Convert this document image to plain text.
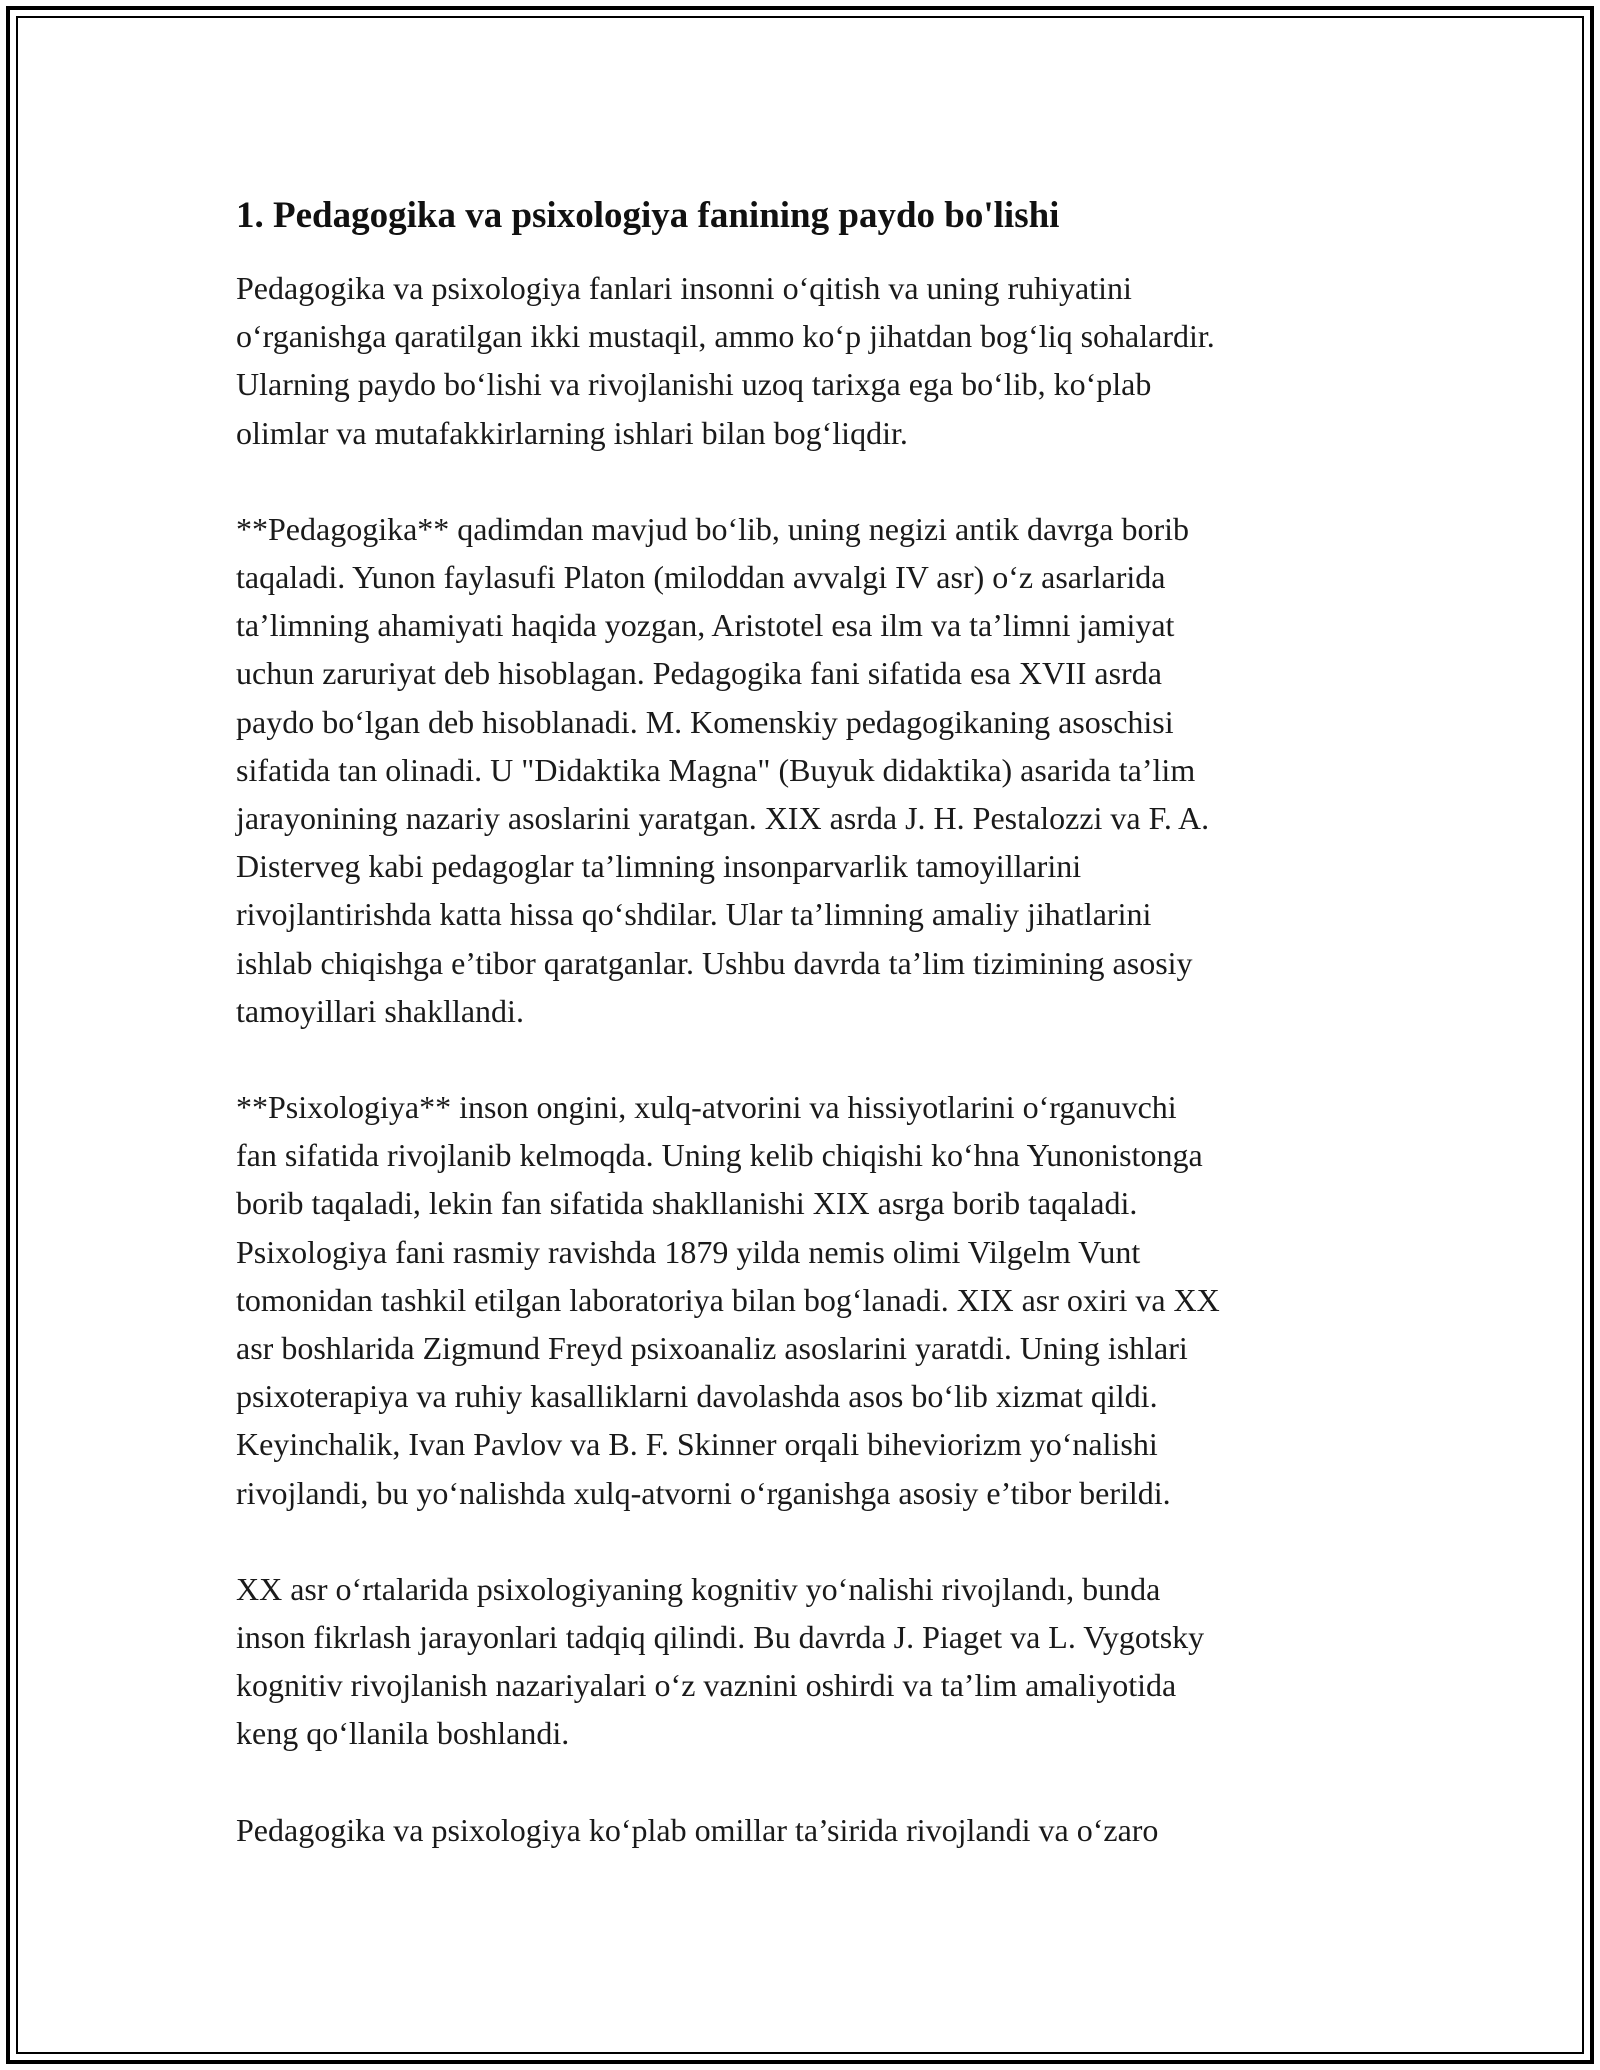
1. Pedagogika va psixologiya fanining paydo bo'lishi

Pedagogika va psixologiya fanlari insonni o‘qitish va uning ruhiyatini
o‘rganishga qaratilgan ikki mustaqil, ammo ko‘p jihatdan bog‘liq sohalardir.
Ularning paydo bo‘lishi va rivojlanishi uzoq tarixga ega bo‘lib, ko‘plab
olimlar va mutafakkirlarning ishlari bilan bog‘liqdir.

**Pedagogika** qadimdan mavjud bo‘lib, uning negizi antik davrga borib
taqaladi. Yunon faylasufi Platon (miloddan avvalgi IV asr) o‘z asarlarida
ta’limning ahamiyati haqida yozgan, Aristotel esa ilm va ta’limni jamiyat
uchun zaruriyat deb hisoblagan. Pedagogika fani sifatida esa XVII asrda
paydo bo‘lgan deb hisoblanadi. M. Komenskiy pedagogikaning asoschisi
sifatida tan olinadi. U "Didaktika Magna" (Buyuk didaktika) asarida ta’lim
jarayonining nazariy asoslarini yaratgan. XIX asrda J. H. Pestalozzi va F. A.
Disterveg kabi pedagoglar ta’limning insonparvarlik tamoyillarini
rivojlantirishda katta hissa qo‘shdilar. Ular ta’limning amaliy jihatlarini
ishlab chiqishga e’tibor qaratganlar. Ushbu davrda ta’lim tizimining asosiy
tamoyillari shakllandi.

**Psixologiya** inson ongini, xulq-atvorini va hissiyotlarini o‘rganuvchi
fan sifatida rivojlanib kelmoqda. Uning kelib chiqishi ko‘hna Yunonistonga
borib taqaladi, lekin fan sifatida shakllanishi XIX asrga borib taqaladi.
Psixologiya fani rasmiy ravishda 1879 yilda nemis olimi Vilgelm Vunt
tomonidan tashkil etilgan laboratoriya bilan bog‘lanadi. XIX asr oxiri va XX
asr boshlarida Zigmund Freyd psixoanaliz asoslarini yaratdi. Uning ishlari
psixoterapiya va ruhiy kasalliklarni davolashda asos bo‘lib xizmat qildi.
Keyinchalik, Ivan Pavlov va B. F. Skinner orqali biheviorizm yo‘nalishi
rivojlandi, bu yo‘nalishda xulq-atvorni o‘rganishga asosiy e’tibor berildi.

XX asr o‘rtalarida psixologiyaning kognitiv yo‘nalishi rivojlandı, bunda
inson fikrlash jarayonlari tadqiq qilindi. Bu davrda J. Piaget va L. Vygotsky
kognitiv rivojlanish nazariyalari o‘z vaznini oshirdi va ta’lim amaliyotida
keng qo‘llanila boshlandi.

Pedagogika va psixologiya ko‘plab omillar ta’sirida rivojlandi va o‘zaro
